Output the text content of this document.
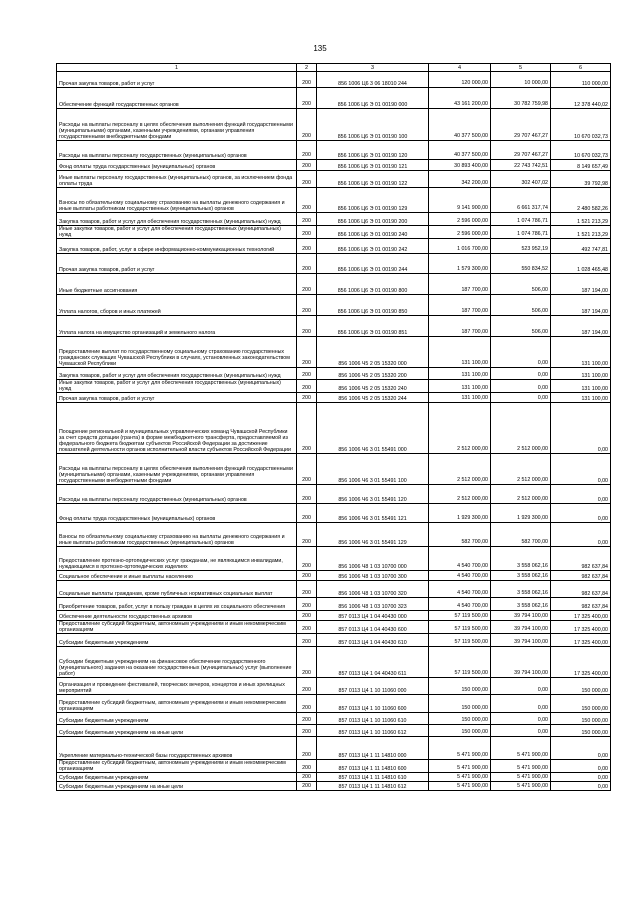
135
1	2	3	4	5	6
Прочая закупка товаров, работ и услуг	200	856 1006 Ц6 3 06 18010 244	120 000,00	10 000,00	110 000,00
Обеспечение функций государственных органов	200	856 1006 Ц6 Э 01 00190 000	43 161 200,00	30 782 759,98	12 378 440,02
Расходы на выплаты персоналу в целях обеспечения выполнения функций государственными (муниципальными) органами, казенными учреждениями, органами управления государственными внебюджетными фондами	200	856 1006 Ц6 Э 01 00190 100	40 377 500,00	29 707 467,27	10 670 032,73
Расходы на выплаты персоналу государственных (муниципальных) органов	200	856 1006 Ц6 Э 01 00190 120	40 377 500,00	29 707 467,27	10 670 032,73
Фонд оплаты труда государственных (муниципальных) органов	200	856 1006 Ц6 Э 01 00190 121	30 893 400,00	22 743 742,51	8 149 657,49
Иные выплаты персоналу государственных (муниципальных) органов, за исключением фонда оплаты труда	200	856 1006 Ц6 Э 01 00190 122	342 200,00	302 407,02	39 792,98
Взносы по обязательному социальному страхованию на выплаты денежного содержания и иные выплаты работникам государственных (муниципальных) органов	200	856 1006 Ц6 Э 01 00190 129	9 141 900,00	6 661 317,74	2 480 582,26
Закупка товаров, работ и услуг для обеспечения государственных (муниципальных) нужд	200	856 1006 Ц6 Э 01 00190 200	2 596 000,00	1 074 786,71	1 521 213,29
Иные закупки товаров, работ и услуг для обеспечения государственных (муниципальных) нужд	200	856 1006 Ц6 Э 01 00190 240	2 596 000,00	1 074 786,71	1 521 213,29
Закупка товаров, работ, услуг в сфере информационно-коммуникационных технологий	200	856 1006 Ц6 Э 01 00190 242	1 016 700,00	523 952,19	492 747,81
Прочая закупка товаров, работ и услуг	200	856 1006 Ц6 Э 01 00190 244	1 579 300,00	550 834,52	1 028 465,48
Иные бюджетные ассигнования	200	856 1006 Ц6 Э 01 00190 800	187 700,00	506,00	187 194,00
Уплата налогов, сборов и иных платежей	200	856 1006 Ц6 Э 01 00190 850	187 700,00	506,00	187 194,00
Уплата налога на имущество организаций и земельного налога	200	856 1006 Ц6 Э 01 00190 851	187 700,00	506,00	187 194,00
Предоставление выплат по государственному социальному страхованию государственных гражданских служащих Чувашской Республики в случаях, установленных законодательством Чувашской Республики	200	856 1006 Ч5 2 05 15320 000	131 100,00	0,00	131 100,00
Закупка товаров, работ и услуг для обеспечения государственных (муниципальных) нужд	200	856 1006 Ч5 2 05 15320 200	131 100,00	0,00	131 100,00
Иные закупки товаров, работ и услуг для обеспечения государственных (муниципальных) нужд	200	856 1006 Ч5 2 05 15320 240	131 100,00	0,00	131 100,00
Прочая закупка товаров, работ и услуг	200	856 1006 Ч5 2 05 15320 244	131 100,00	0,00	131 100,00
Поощрение региональной и муниципальных управленческих команд Чувашской Республики за счет средств дотации (гранта) в форме межбюджетного трансферта, предоставляемой из федерального бюджета бюджетам субъектов Российской Федерации за достижение показателей деятельности органов исполнительной власти субъектов Российской Федерации	200	856 1006 Ч6 3 01 55491 000	2 512 000,00	2 512 000,00	0,00
Расходы на выплаты персоналу в целях обеспечения выполнения функций государственными (муниципальными) органами, казенными учреждениями, органами управления государственными внебюджетными фондами	200	856 1006 Ч6 3 01 55491 100	2 512 000,00	2 512 000,00	0,00
Расходы на выплаты персоналу государственных (муниципальных) органов	200	856 1006 Ч6 3 01 55491 120	2 512 000,00	2 512 000,00	0,00
Фонд оплаты труда государственных (муниципальных) органов	200	856 1006 Ч6 3 01 55491 121	1 929 300,00	1 929 300,00	0,00
Взносы по обязательному социальному страхованию на выплаты денежного содержания и иные выплаты работникам государственных (муниципальных) органов	200	856 1006 Ч6 3 01 55491 129	582 700,00	582 700,00	0,00
Предоставление протезно-ортопедических услуг гражданам, не являющимся инвалидами, нуждающимся в протезно-ортопедических изделиях	200	856 1006 Ч8 1 03 10700 000	4 540 700,00	3 558 062,16	982 637,84
Социальное обеспечение и иные выплаты населению	200	856 1006 Ч8 1 03 10700 300	4 540 700,00	3 558 062,16	982 637,84
Социальные выплаты гражданам, кроме публичных нормативных социальных выплат	200	856 1006 Ч8 1 03 10700 320	4 540 700,00	3 558 062,16	982 637,84
Приобретение товаров, работ, услуг в пользу граждан в целях их социального обеспечения	200	856 1006 Ч8 1 03 10700 323	4 540 700,00	3 558 062,16	982 637,84
Обеспечение деятельности государственных архивов	200	857 0113 Ц4 1 04 40430 000	57 119 500,00	39 794 100,00	17 325 400,00
Предоставление субсидий бюджетным, автономным учреждениям и иным некоммерческим организациям	200	857 0113 Ц4 1 04 40430 600	57 119 500,00	39 794 100,00	17 325 400,00
Субсидии бюджетным учреждениям	200	857 0113 Ц4 1 04 40430 610	57 119 500,00	39 794 100,00	17 325 400,00
Субсидии бюджетным учреждениям на финансовое обеспечение государственного (муниципального) задания на оказание государственных (муниципальных) услуг (выполнение работ)	200	857 0113 Ц4 1 04 40430 611	57 119 500,00	39 794 100,00	17 325 400,00
Организация и проведение фестивалей, творческих вечеров, концертов и иных зрелищных мероприятий	200	857 0113 Ц4 1 10 11060 000	150 000,00	0,00	150 000,00
Предоставление субсидий бюджетным, автономным учреждениям и иным некоммерческим организациям	200	857 0113 Ц4 1 10 11060 600	150 000,00	0,00	150 000,00
Субсидии бюджетным учреждениям	200	857 0113 Ц4 1 10 11060 610	150 000,00	0,00	150 000,00
Субсидии бюджетным учреждениям на иные цели	200	857 0113 Ц4 1 10 11060 612	150 000,00	0,00	150 000,00
Укрепление материально-технической базы государственных архивов	200	857 0113 Ц4 1 11 14810 000	5 471 900,00	5 471 900,00	0,00
Предоставление субсидий бюджетным, автономным учреждениям и иным некоммерческим организациям	200	857 0113 Ц4 1 11 14810 600	5 471 900,00	5 471 900,00	0,00
Субсидии бюджетным учреждениям	200	857 0113 Ц4 1 11 14810 610	5 471 900,00	5 471 900,00	0,00
Субсидии бюджетным учреждениям на иные цели	200	857 0113 Ц4 1 11 14810 612	5 471 900,00	5 471 900,00	0,00
